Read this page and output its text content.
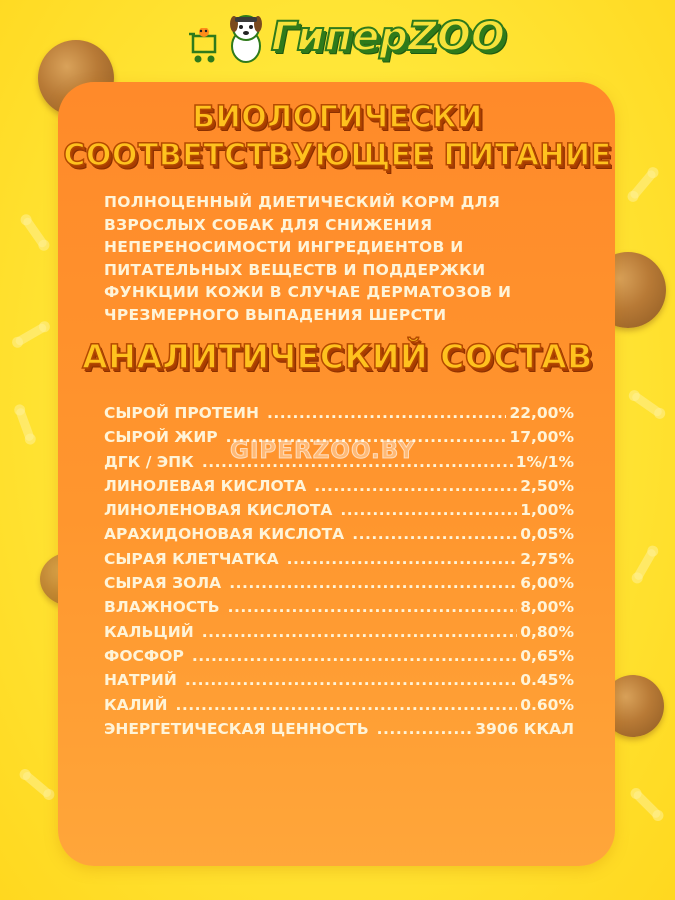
ГиперZOO
БИОЛОГИЧЕСКИ
СООТВЕТСТВУЮЩЕЕ ПИТАНИЕ
ПОЛНОЦЕННЫЙ ДИЕТИЧЕСКИЙ КОРМ ДЛЯ ВЗРОСЛЫХ СОБАК ДЛЯ СНИЖЕНИЯ НЕПЕРЕНОСИМОСТИ ИНГРЕДИЕНТОВ И ПИТАТЕЛЬНЫХ ВЕЩЕСТВ И ПОДДЕРЖКИ ФУНКЦИИ КОЖИ В СЛУЧАЕ ДЕРМАТОЗОВ И ЧРЕЗМЕРНОГО ВЫПАДЕНИЯ ШЕРСТИ
АНАЛИТИЧЕСКИЙ СОСТАВ
СЫРОЙ ПРОТЕИН .....	22,00%
СЫРОЙ ЖИР .....	17,00%
ДГК / ЭПК .....	1%/1%
ЛИНОЛЕВАЯ КИСЛОТА .....	2,50%
ЛИНОЛЕНОВАЯ КИСЛОТА .....	1,00%
АРАХИДОНОВАЯ КИСЛОТА .....	0,05%
СЫРАЯ КЛЕТЧАТКА .....	2,75%
СЫРАЯ ЗОЛА .....	6,00%
ВЛАЖНОСТЬ .....	8,00%
КАЛЬЦИЙ .....	0,80%
ФОСФОР .....	0,65%
НАТРИЙ .....	0.45%
КАЛИЙ .....	0.60%
ЭНЕРГЕТИЧЕСКАЯ ЦЕННОСТЬ .....	3906 ККАЛ
GIPERZOO.BY
